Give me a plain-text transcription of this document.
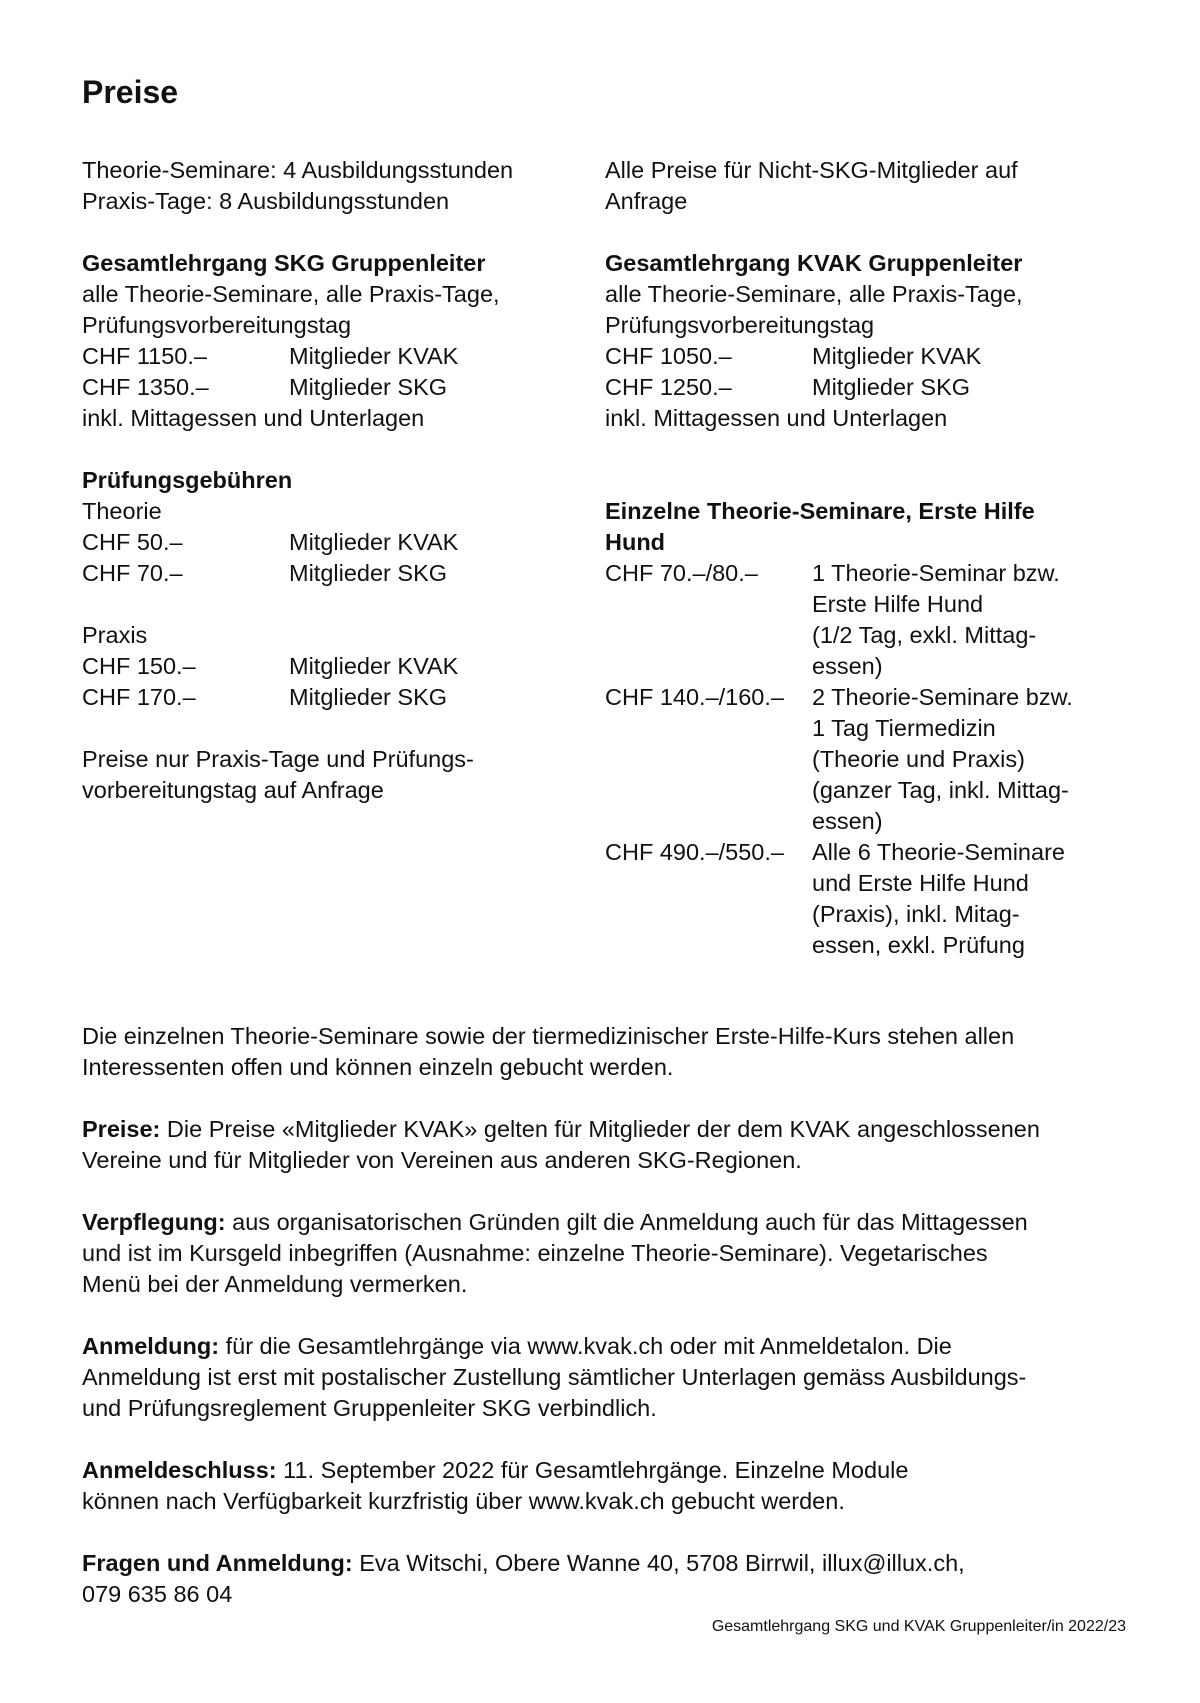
Preise
Theorie-Seminare: 4 Ausbildungsstunden
Praxis-Tage: 8 Ausbildungsstunden
Gesamtlehrgang SKG Gruppenleiter
alle Theorie-Seminare, alle Praxis-Tage,
Prüfungsvorbereitungstag
CHF 1150.–	Mitglieder KVAK
CHF 1350.–	Mitglieder SKG
inkl. Mittagessen und Unterlagen
Prüfungsgebühren
Theorie
CHF 50.–	Mitglieder KVAK
CHF 70.–	Mitglieder SKG
Praxis
CHF 150.–	Mitglieder KVAK
CHF 170.–	Mitglieder SKG
Preise nur Praxis-Tage und Prüfungs-
vorbereitungstag auf Anfrage
Alle Preise für Nicht-SKG-Mitglieder auf
Anfrage
Gesamtlehrgang KVAK Gruppenleiter
alle Theorie-Seminare, alle Praxis-Tage,
Prüfungsvorbereitungstag
CHF 1050.–	Mitglieder KVAK
CHF 1250.–	Mitglieder SKG
inkl. Mittagessen und Unterlagen
Einzelne Theorie-Seminare, Erste Hilfe
Hund
CHF 70.–/80.–	1 Theorie-Seminar bzw.
Erste Hilfe Hund
(1/2 Tag, exkl. Mittag-
essen)
CHF 140.–/160.–	2 Theorie-Seminare bzw.
1 Tag Tiermedizin
(Theorie und Praxis)
(ganzer Tag, inkl. Mittag-
essen)
CHF 490.–/550.–	Alle 6 Theorie-Seminare
und Erste Hilfe Hund
(Praxis), inkl. Mitag-
essen, exkl. Prüfung

Die einzelnen Theorie-Seminare sowie der tiermedizinischer Erste-Hilfe-Kurs stehen allen
Interessenten offen und können einzeln gebucht werden.

Preise: Die Preise «Mitglieder KVAK» gelten für Mitglieder der dem KVAK angeschlossenen
Vereine und für Mitglieder von Vereinen aus anderen SKG-Regionen.

Verpflegung: aus organisatorischen Gründen gilt die Anmeldung auch für das Mittagessen
und ist im Kursgeld inbegriffen (Ausnahme: einzelne Theorie-Seminare). Vegetarisches
Menü bei der Anmeldung vermerken.

Anmeldung: für die Gesamtlehrgänge via www.kvak.ch oder mit Anmeldetalon. Die
Anmeldung ist erst mit postalischer Zustellung sämtlicher Unterlagen gemäss Ausbildungs-
und Prüfungsreglement Gruppenleiter SKG verbindlich.

Anmeldeschluss: 11. September 2022 für Gesamtlehrgänge. Einzelne Module
können nach Verfügbarkeit kurzfristig über www.kvak.ch gebucht werden.

Fragen und Anmeldung: Eva Witschi, Obere Wanne 40, 5708 Birrwil, illux@illux.ch,
079 635 86 04

Gesamtlehrgang SKG und KVAK Gruppenleiter/in 2022/23
